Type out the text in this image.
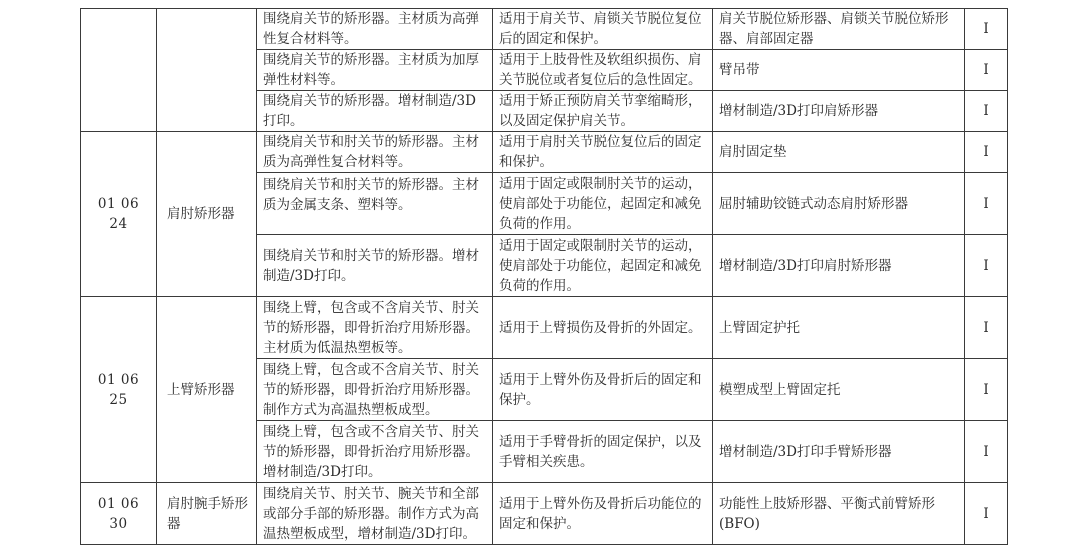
		围绕肩关节的矫形器。主材质为高弹性复合材料等。	适用于肩关节、肩锁关节脱位复位后的固定和保护。	肩关节脱位矫形器、肩锁关节脱位矫形器、肩部固定器	I
		围绕肩关节的矫形器。主材质为加厚弹性材料等。	适用于上肢骨性及软组织损伤、肩关节脱位或者复位后的急性固定。	臂吊带	I
		围绕肩关节的矫形器。增材制造/3D打印。	适用于矫正预防肩关节挛缩畸形，以及固定保护肩关节。	增材制造/3D打印肩矫形器	I
01 06 24	肩肘矫形器	围绕肩关节和肘关节的矫形器。主材质为高弹性复合材料等。	适用于肩肘关节脱位复位后的固定和保护。	肩肘固定垫	I
		围绕肩关节和肘关节的矫形器。主材质为金属支条、塑料等。	适用于固定或限制肘关节的运动，使肩部处于功能位，起固定和减免负荷的作用。	屈肘辅助铰链式动态肩肘矫形器	I
		围绕肩关节和肘关节的矫形器。增材制造/3D打印。	适用于固定或限制肘关节的运动，使肩部处于功能位，起固定和减免负荷的作用。	增材制造/3D打印肩肘矫形器	I
01 06 25	上臂矫形器	围绕上臂，包含或不含肩关节、肘关节的矫形器，即骨折治疗用矫形器。主材质为低温热塑板等。	适用于上臂损伤及骨折的外固定。	上臂固定护托	I
		围绕上臂，包含或不含肩关节、肘关节的矫形器，即骨折治疗用矫形器。制作方式为高温热塑板成型。	适用于上臂外伤及骨折后的固定和保护。	模塑成型上臂固定托	I
		围绕上臂，包含或不含肩关节、肘关节的矫形器，即骨折治疗用矫形器。增材制造/3D打印。	适用于手臂骨折的固定保护，以及手臂相关疾患。	增材制造/3D打印手臂矫形器	I
01 06 30	肩肘腕手矫形器	围绕肩关节、肘关节、腕关节和全部或部分手部的矫形器。制作方式为高温热塑板成型，增材制造/3D打印。	适用于上臂外伤及骨折后功能位的固定和保护。	功能性上肢矫形器、平衡式前臂矫形(BFO)	I
